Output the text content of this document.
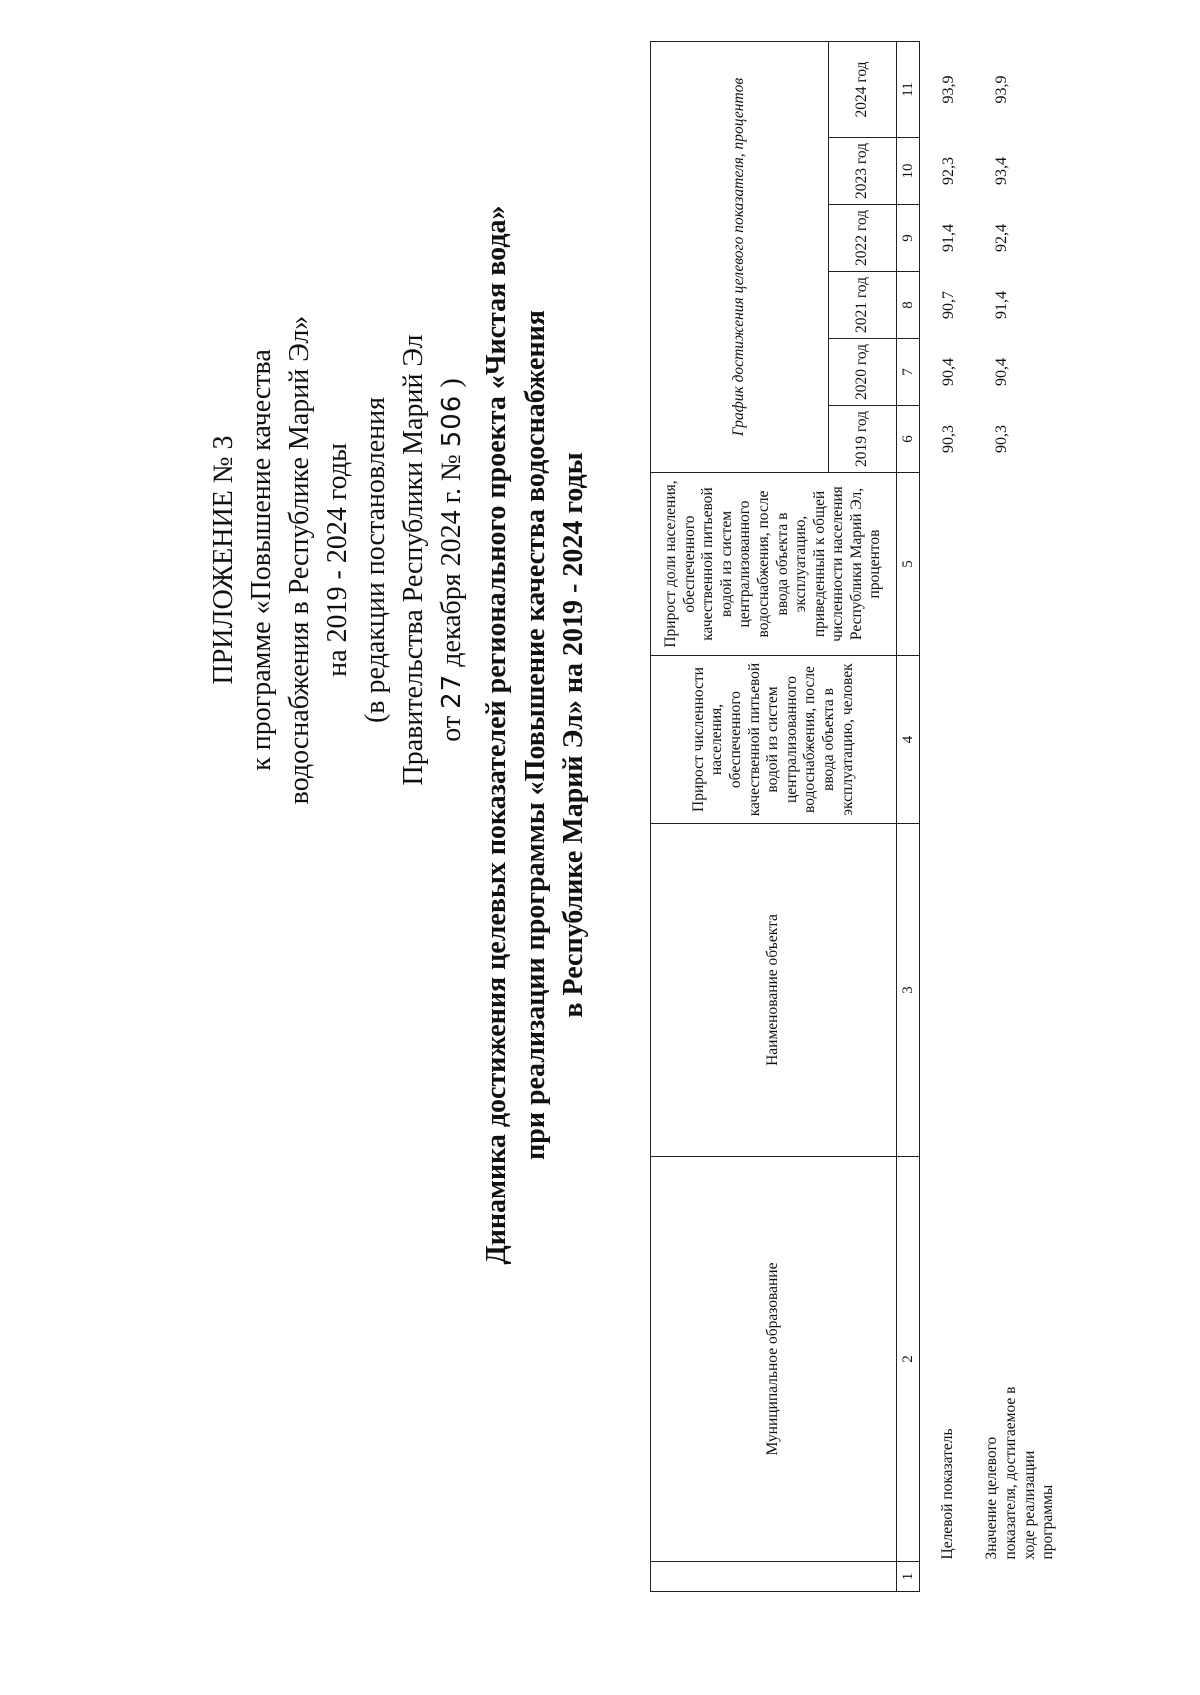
ПРИЛОЖЕНИЕ № 3 к программе «Повышение качества водоснабжения в Республике Марий Эл» на 2019 - 2024 годы (в редакции постановления Правительства Республики Марий Эл от 27 декабря 2024 г. № 506 ) Динамика достижения целевых показателей регионального проекта «Чистая вода» при реализации программы «Повышение качества водоснабжения в Республике Марий Эл» на 2019 - 2024 годы
	Муниципальное образование	Наименование объекта	Прирост численности населения, обеспеченного качественной питьевой водой из систем централизованного водоснабжения, после ввода объекта в эксплуатацию, человек	Прирост доли населения, обеспеченного качественной питьевой водой из систем централизованного водоснабжения, после ввода объекта в эксплуатацию, приведенный к общей численности населения Республики Марий Эл, процентов	График достижения целевого показателя, процентов					
					2019 год	2020 год	2021 год	2022 год	2023 год	2024 год
1	2	3	4	5	6	7	8	9	10	11
	Целевой показатель				90,3	90,4	90,7	91,4	92,3	93,9

	Значение целевого показателя, достигаемое в ходе реализации программы				90,3	90,4	91,4	92,4	93,4	93,9
